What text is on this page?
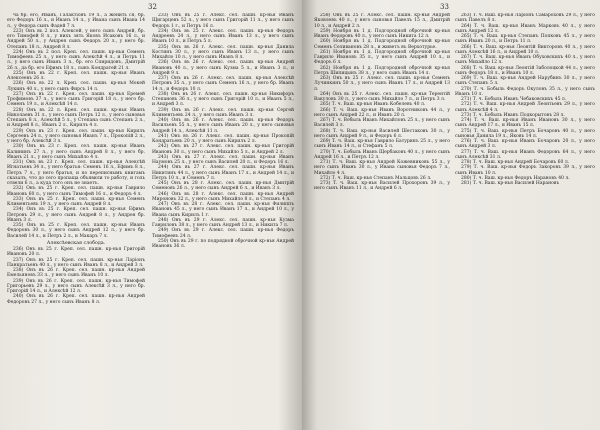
32

ча бр. его, Иванъ, Галактіонъ 19 л., а женить ся, бр. его Федоръ 16 л., и Иванъ 14 л., у Ивана сынъ Ивана 14 л., у Федора сынъ Фадей 7 л.

223) Онъ въ 2 пол. Алексей, у него сынъ Андрей, бр. его Тимофей 8 л., у нихъ зять Яковъ Исаковъ 16 л., и Андрей 50 л., у Андрея сынъ Федоръ 20 л., у него бр. Отепанъ 18 л., Андрей 8 л.

224) Онъ въ 2 пол. Креп. сел. пашн. кр-ньи Семенъ Тимофеевъ 25 л., у него сынъ Алексѣй 4 л., и Петръ 11 л., у него сынъ Иванъ 3 л., бр. его Спиридонъ, Дмитрій 26 л., да бр. его Ефимъ 18 л., сынъ Кондратей 21 л.

225) Онъ въ 22 г. Креп. сел. пашн. кр-нья Иванъ Алексеевъ 26 л.

226) Онъ въ 22 л. Креп. сел. пашн. кр-нья Мокей Лукинъ 40 л., у него сынъ Фирсъ 14 л.

227) Онъ въ 22 г. Креп. сел. пашн. кр-нья Еремей Трофимовъ 37 л., у него сынъ Григорій 18 л., у него бр. Семенъ 19 л., и Алексѣй 14 л.

228) Онъ въ 22 л. Креп. сел. пашн. кр-нья Иванъ Николаевъ 31 л., у него сынъ Петръ 12 л., у него сыновья Степанъ 8 л., Алексѣй 5 л., у Степана сынъ Степанъ 2 л., и Андрей 8 л., Иванъ 2 л., Кирилъ 4 л.

229) Онъ въ 23 г. Креп. сел. пашн. кр-нья Кирилъ Сергеевъ 24 л., у него сыновья Иванъ 7 л., Прокопій 2 л., у него бр. Алексѣй 3 л.

230) Онъ въ 23 г. Креп. сел. пашн. кр-нья Иванъ Калининъ 27 л., у него сынъ Андрей 8 л., у него бр. Иванъ 21 л., у него сынъ Михайло 4 л.

231) Онъ въ 23 г. Креп. сел. пашн. кр-нья Алексѣй Игнатьевъ 34 л., у него братья: Семенъ 16 л., Ефимъ 8 л., Петръ 7 л., у него братья, и по переписнымъ книгамъ сказалъ, что до сего пропаща объявили то работу, и голь отвели 6 л., а куда того онъ не знаетъ.

232) Онъ въ 25 г. Креп. сел. пашн. кр-нья Гаврило Ивановъ 60 л., у него сынъ Тимофей 16 л., и Федоръ 4 л.

233) Онъ въ 25 г. Креп. сел. пашн. кр-нья Семенъ Климентьевъ 19 л., у него сынъ Андрей 8 л.

234) Онъ въ 25 г. Креп. сел. пашн. кр-нья Ефимъ Петровъ 29 л., у него сынъ Андрей 8 л., у Андрея бр. Иванъ 3 л.

235) Онъ въ 25 г. Креп. сел. пашн. кр-нья Иванъ Федоровъ 30 л., у него сынъ Андрей 12 л., у него бр. Василей 14 л., и Петръ 2 л., и Макаръ 7 л.

Алексѣевская слобода.

236) Онъ въ 25 г. Креп. сел. пашн. кр-нья Григорій Ивановъ 20 л.

237) Онъ въ 25 г. Креп. сел. пашн. кр-нья Ларіонъ Панкратьевъ 40 л., у него сынъ Иванъ 8 л., и Андрей 3 л.

238) Онъ въ 26 г. Креп. сел. пашн. кр-нья Андрей Емельяновъ 33 л., у него сынъ Иванъ 10 л.

239) Онъ въ 26 г. Креп. сел. пашн. кр-нья Тимофей Григорьевъ 29 л., у него сынъ Алексѣй 3 л., у него бр. Григорій 14 л., и Алексѣй 12 л.

240) Онъ въ 26 г. Креп. сел. пашн. кр-нья Андрей Федоровъ 27 л., у него сынъ Иванъ 8 л.

233) Онъ въ 25 г. Алекс. сел. пашн. кр-нья Иванъ Щигарцевъ 52 л., у него сынъ Григорій 11 л., у него сынъ Федоръ 1 г., и Петръ 16 л.

234) Онъ въ 25 г. Алекс. сел. пашн. кр-нья Федоръ Андреевъ 24 л., у него сынъ Иванъ 13 л., у него сынъ Иванъ 10 л., и Петръ 5 л.

235) Онъ въ 26 г. Алекс. сел. пашн. кр-нья Данила Костинъ 30 л., у него сынъ Иванъ 13 л., у него сынъ Михайло 10 л., у него сынъ Иванъ 8 л.

236) Онъ въ 26 г. Алекс. сел. пашн. кр-нья Андрей Ивановъ 40 л., у него сынъ Кузма 5 л., и Иванъ 3 л., и Андрей 9 л.

237) Онъ въ 26 г. Алекс. сел. пашн. кр-нья Алексѣй Петровъ 35 л., у него сынъ Семенъ 16 л., у него бр. Иванъ 14 л., и Федоръ 10 л.

238) Онъ въ 26 г. Алекс. сел. пашн. кр-нья Никифоръ Степановъ 36 л., у него сынъ Григорій 10 л., и Иванъ 5 л., и Андрей 3 л.

239) Онъ въ 26 г. Алекс. сел. пашн. кр-нья Сергей Климентьевъ 24 л., у него сынъ Иванъ 3 л.

240) Онъ въ 26 г. Алекс. сел. пашн. кр-нья Федоръ Васильевъ 55 л., у него сынъ Иванъ 20 л., у него сыновья Андрей 14 л., Алексѣй 11 л.

241) Онъ въ 26 г. Алекс. сел. пашн. кр-нья Прокопій Кондратьевъ 20 л., у него сынъ Кирилъ 2 л.

242) Онъ въ 27 г. Алекс. сел. пашн. кр-нья Григорій Ивановъ 30 л., у него сынъ Михайло 5 л., и Андрей 2 л.

243) Онъ въ 27 г. Алекс. сел. пашн. кр-нья Иванъ Наумовъ 25 л., у него сынъ Василей 20 л., и Федоръ 16 л.

244) Онъ въ 27 г. Алекс. сел. пашн. кр-нья Иванъ Никитинъ 44 л., у него сынъ Иванъ 17 л., и Андрей 14 л., и Петръ 10 л., и Семенъ 7 л.

245) Онъ въ 28 г. Алекс. сел. пашн. кр-нья Дмитрій Семеновъ 26 л., у него сынъ Андрей 6 л., и Иванъ 3 л.

246) Онъ въ 28 г. Алекс. сел. пашн. кр-нья Андрей Мироновъ 32 л., у него сынъ Михайло 8 л., и Степанъ 4 л.

247) Онъ въ 28 г. Алекс. сел. пашн. кр-нья Филиппъ Ивановъ 45 л., у него сынъ Иванъ 17 л., и Андрей 10 л., у Ивана сынъ Кирилъ 1 г.

248) Онъ въ 29 г. Алекс. сел. пашн. кр-нья Кузма Гавриловъ 38 л., у него сынъ Андрей 13 л., и Никита 7 л.

249) Онъ въ 29 г. Алекс. сел. пашн. кр-нья Федоръ Тимофеевъ 24 л.

250) Онъ въ 29 г. по подрядной оброчной кр-нья Андрей Ивановъ 36 л.

33

258) Онъ въ 25 г. Алекс. сел. пашн. кр-нья Андрей Яковлевъ 40 л., у него сыновья Павелъ 15 л., Дмитрій 10 л., и Андрей 2 л.

259) Ноября въ 1 д. Подгородной оброчной кр-нья Иванъ Федоровъ 40 л., у него сынъ Никита 12 л.

260) Ноября въ 1 д. Подгородной оброчной кр-нья Семенъ Селивановъ 28 л., и живетъ въ Верхотурье.

261) Ноября въ 1 д. Подгородной оброчной кр-нья Гаврило Ивановъ 35 л., у него сынъ Андрей 10 л., и Федоръ 6 л.

262) Ноября въ 1 д. Подгородной оброчной кр-нья Петръ Шипицынъ 38 л., у него сынъ Иванъ 14 л.

263) Онъ въ 25 г. Алекс. сел. пашн. кр-нья Семенъ Лучинкинъ 50 л., у него сынъ Иванъ 17 л., и Андрей 13 л.

264) Онъ въ 25 г. Алекс. сел. пашн. кр-нья Терентій Вакуловъ 30 л., у него сынъ Михайло 7 л., и Петръ 3 л.

265) Т. ч. Ваш. кр-нья Иванъ Кобелевъ 40 л.

266) Т. ч. Ваш. кр-нья Иванъ Воротниковъ 44 л., у него сынъ Андрей 22 л., и Иванъ 20 л.

267) Т. ч. Вобыль Иванъ Михайловъ 25 л., у него сынъ Василей 3 л.

268) Т. ч. Ваш. кр-нья Василей Шестаковъ 30 л., у него сынъ Андрей 9 л., и Федоръ 6 л.

269) Т. ч. Ваш. кр-нья Гаврило Батуринъ 25 л., у него сынъ Иванъ 14 л., и Стефанъ 5 л.

270) Т. ч. Бобыль Иванъ Щербаковъ 40 л., у него сынъ Андрей 16 л., и Петръ 12 л.

271) Т. ч. Ваш. кр-нья Андрей Кожевниковъ 55 л., у него сынъ Иванъ 30 л., у Ивана сыновья Федоръ 7 л., Михайло 4 л.

272) Т. ч. Ваш. кр-нья Степанъ Мальцовъ 26 л.

273) Т. ч. Ваш. кр-нья Василей Прохоровъ 39 л., у него сынъ Иванъ 11 л., и Андрей 6 л.

263) Т. ч. Ваш. кр-нья Ларіонъ Самароховъ 29 л., у него сынъ Павелъ 8 л.

264) Т. ч. Ваш. кр-нья Иванъ Марковъ 40 л., у него сынъ Андрей 12 л.

265) Т. ч. Ваш. кр-нья Степанъ Попковъ 45 л., у него сынъ Иванъ 20 л., и Петръ 11 л.

266) Т. ч. Ваш. кр-нья Леонтій Викторовъ 40 л., у него сынъ Алексѣй 16 л., и Андрей 10 л.

267) Т. ч. Ваш. кр-нья Иванъ Обуховскихъ 40 л., у него сынъ Михайло 12 л.

268) Т. ч. Ваш. кр-нья Леонтій Заболоцкой 44 л., у него сынъ Федоръ 18 л., и Иванъ 10 л.

269) Т. ч. Ваш. кр-нья Андрей Нарубинъ 30 л., у него сынъ Степанъ 5 л.

270) Т. ч. Бобыль Федоръ Окуловъ 35 л., у него сынъ Иванъ 10 л.

271) Т. ч. Бобыль Иванъ Чебаковскихъ 45 л.

272) Т. ч. Ваш. кр-нья Андрей Леонтьевъ 29 л., у него сынъ Алексѣй 4 л.

273) Т. ч. Бобыль Иванъ Подкорытовъ 28 л.

274) Т. ч. Ваш. кр-нья Иванъ Ивановъ 30 л., у него сынъ Андрей 17 л., и Иванъ 15 л.

275) Т. ч. Ваш. кр-нья Петръ Бочаровъ 40 л., у него сыновья Данила 19 л., Яковъ 14 л.

276) Т. ч. Ваш. кр-нья Иванъ Бочаровъ 20 л., у него сынъ Андрей 3 л.

277) Т. ч. Ваш. кр-нья Иванъ Федоровъ 64 л., у него сынъ Алексѣй 31 л.

278) Т. ч. Ваш. кр-нья Андрей Бочаровъ 60 л.

279) Т. ч. Ваш. кр-нья Федоръ Закоровъ 39 л., у него сынъ Иванъ 10 л.

280) Т. ч. Ваш. кр-нья Федоръ Нарановъ 40 л.

281) Т. ч. Ваш. кр-нья Василей Нарановъ
